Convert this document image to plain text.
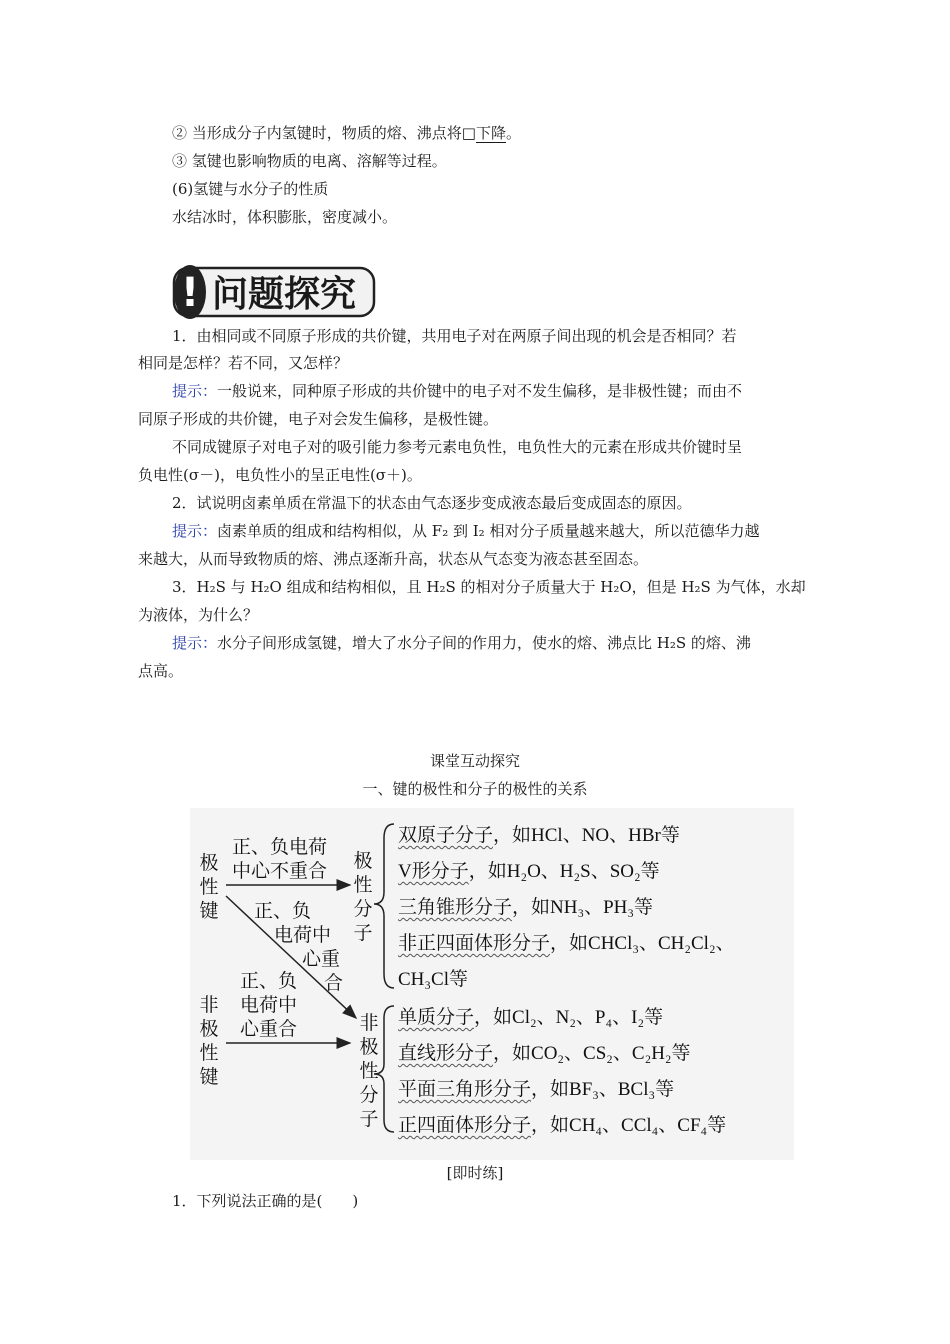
② 当形成分子内氢键时，物质的熔、沸点将□下降。
③ 氢键也影响物质的电离、溶解等过程。
(6)氢键与水分子的性质
水结冰时，体积膨胀，密度减小。
! 问题探究
1．由相同或不同原子形成的共价键，共用电子对在两原子间出现的机会是否相同？若
相同是怎样？若不同，又怎样？
提示：一般说来，同种原子形成的共价键中的电子对不发生偏移，是非极性键；而由不
同原子形成的共价键，电子对会发生偏移，是极性键。
不同成键原子对电子对的吸引能力参考元素电负性，电负性大的元素在形成共价键时呈
负电性(σ－)，电负性小的呈正电性(σ＋)。
2．试说明卤素单质在常温下的状态由气态逐步变成液态最后变成固态的原因。
提示：卤素单质的组成和结构相似，从 F₂ 到 I₂ 相对分子质量越来越大，所以范德华力越
来越大，从而导致物质的熔、沸点逐渐升高，状态从气态变为液态甚至固态。
3．H₂S 与 H₂O 组成和结构相似，且 H₂S 的相对分子质量大于 H₂O，但是 H₂S 为气体，水却
为液体，为什么？
提示：水分子间形成氢键，增大了水分子间的作用力，使水的熔、沸点比 H₂S 的熔、沸
点高。
课堂互动探究
一、键的极性和分子的极性的关系
极性键
非极性键
正、负电荷
中心不重合
正、负
电荷中
心重
合
正、负
电荷中
心重合
极性分子
非极性分子
双原子分子，如HCl、NO、HBr等
V形分子，如H₂O、H₂S、SO₂等
三角锥形分子，如NH₃、PH₃等
非正四面体形分子，如CHCl₃、CH₂Cl₂、
CH₃Cl等
单质分子，如Cl₂、N₂、P₄、I₂等
直线形分子，如CO₂、CS₂、C₂H₂等
平面三角形分子，如BF₃、BCl₃等
正四面体形分子，如CH₄、CCl₄、CF₄等
[即时练]
1．下列说法正确的是(　　)
